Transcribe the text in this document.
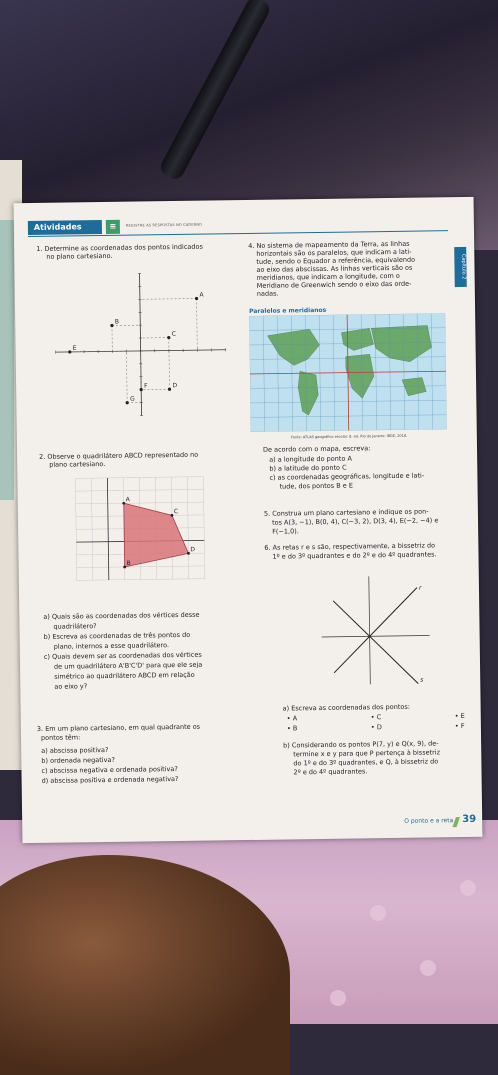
Atividades	≡	REGISTRE AS RESPOSTAS NO CADERNO
Capítulo 2
1. Determine as coordenadas dos pontos indicados
no plano cartesiano.
A
B
C
D
E
F
G
2. Observe o quadrilátero ABCD representado no
plano cartesiano.
A
C
D
B
a) Quais são as coordenadas dos vértices desse
quadrilátero?
b) Escreva as coordenadas de três pontos do
plano, internos a esse quadrilátero.
c) Quais devem ser as coordenadas dos vértices
de um quadrilátero A'B'C'D' para que ele seja
simétrico ao quadrilátero ABCD em relação
ao eixo y?
3. Em um plano cartesiano, em qual quadrante os
pontos têm:
a) abscissa positiva?
b) ordenada negativa?
c) abscissa negativa e ordenada positiva?
d) abscissa positiva e ordenada negativa?
4. No sistema de mapeamento da Terra, as linhas
horizontais são os paralelos, que indicam a lati-
tude, sendo o Equador a referência, equivalendo
ao eixo das abscissas. As linhas verticais são os
meridianos, que indicam a longitude, com o
Meridiano de Greenwich sendo o eixo das orde-
nadas.
Paralelos e meridianos
Fonte: ATLAS geográfico escolar. 8. ed. Rio de Janeiro: IBGE, 2018.
De acordo com o mapa, escreva:
a) a longitude do ponto A
b) a latitude do ponto C
c) as coordenadas geográficas, longitude e lati-
tude, dos pontos B e E
5. Construa um plano cartesiano e indique os pon-
tos A(3, −1), B(0, 4), C(−3, 2), D(3, 4), E(−2, −4) e
F(−1,0).
6. As retas r e s são, respectivamente, a bissetriz do
1º e do 3º quadrantes e do 2º e do 4º quadrantes.
r
s
a) Escreva as coordenadas dos pontos:
• A	• C	• E
• B	• D	• F
b) Considerando os pontos P(7, y) e Q(x, 9), de-
termine x e y para que P pertença à bissetriz
do 1º e do 3º quadrantes, e Q, à bissetriz do
2º e do 4º quadrantes.
O ponto e a reta 39
